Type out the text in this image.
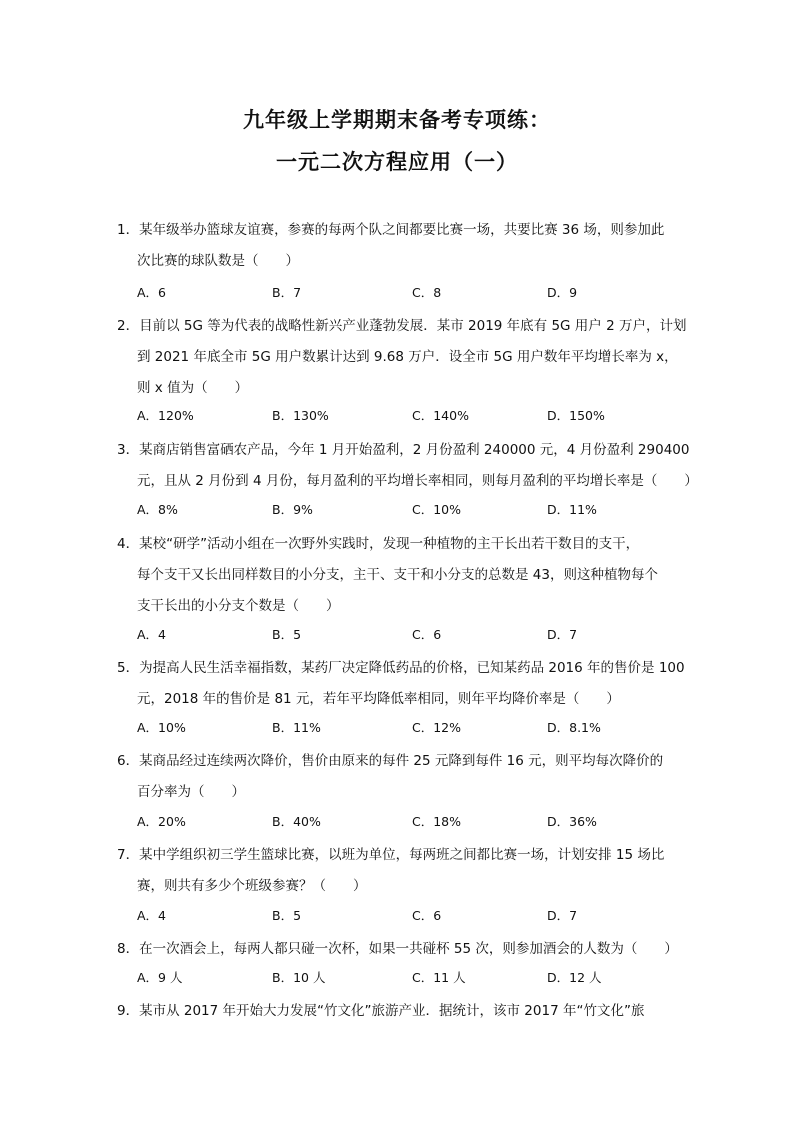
九年级上学期期末备考专项练：
一元二次方程应用（一）
1．某年级举办篮球友谊赛，参赛的每两个队之间都要比赛一场，共要比赛 36 场，则参加此
次比赛的球队数是（　　）
A．6	B．7	C．8	D．9
2．目前以 5G 等为代表的战略性新兴产业蓬勃发展．某市 2019 年底有 5G 用户 2 万户，计划
到 2021 年底全市 5G 用户数累计达到 9.68 万户．设全市 5G 用户数年平均增长率为 x，
则 x 值为（　　）
A．120%	B．130%	C．140%	D．150%
3．某商店销售富硒农产品，今年 1 月开始盈利，2 月份盈利 240000 元，4 月份盈利 290400
元，且从 2 月份到 4 月份，每月盈利的平均增长率相同，则每月盈利的平均增长率是（　　）
A．8%	B．9%	C．10%	D．11%
4．某校“研学”活动小组在一次野外实践时，发现一种植物的主干长出若干数目的支干，
每个支干又长出同样数目的小分支，主干、支干和小分支的总数是 43，则这种植物每个
支干长出的小分支个数是（　　）
A．4	B．5	C．6	D．7
5．为提高人民生活幸福指数，某药厂决定降低药品的价格，已知某药品 2016 年的售价是 100
元，2018 年的售价是 81 元，若年平均降低率相同，则年平均降价率是（　　）
A．10%	B．11%	C．12%	D．8.1%
6．某商品经过连续两次降价，售价由原来的每件 25 元降到每件 16 元，则平均每次降价的
百分率为（　　）
A．20%	B．40%	C．18%	D．36%
7．某中学组织初三学生篮球比赛，以班为单位，每两班之间都比赛一场，计划安排 15 场比
赛，则共有多少个班级参赛？（　　）
A．4	B．5	C．6	D．7
8．在一次酒会上，每两人都只碰一次杯，如果一共碰杯 55 次，则参加酒会的人数为（　　）
A．9 人	B．10 人	C．11 人	D．12 人
9．某市从 2017 年开始大力发展“竹文化”旅游产业．据统计，该市 2017 年“竹文化”旅
